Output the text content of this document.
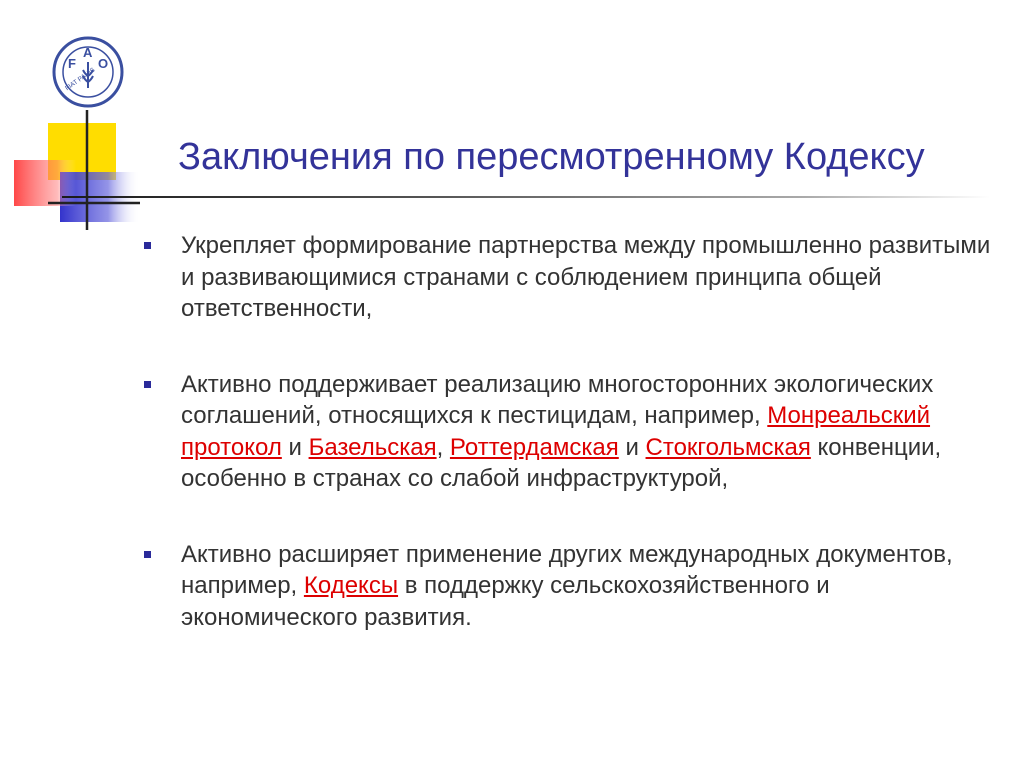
F
A
O
FIAT PANIS
Заключения по пересмотренному Кодексу
Укрепляет формирование партнерства между промышленно развитыми и развивающимися странами с соблюдением принципа общей ответственности,
Активно поддерживает реализацию многосторонних экологических соглашений, относящихся к пестицидам, например, Монреальский протокол и Базельская, Роттердамская и Стокгольмская конвенции, особенно в странах со слабой инфраструктурой,
Активно расширяет применение других международных документов, например, Кодексы в поддержку сельскохозяйственного и экономического развития.
